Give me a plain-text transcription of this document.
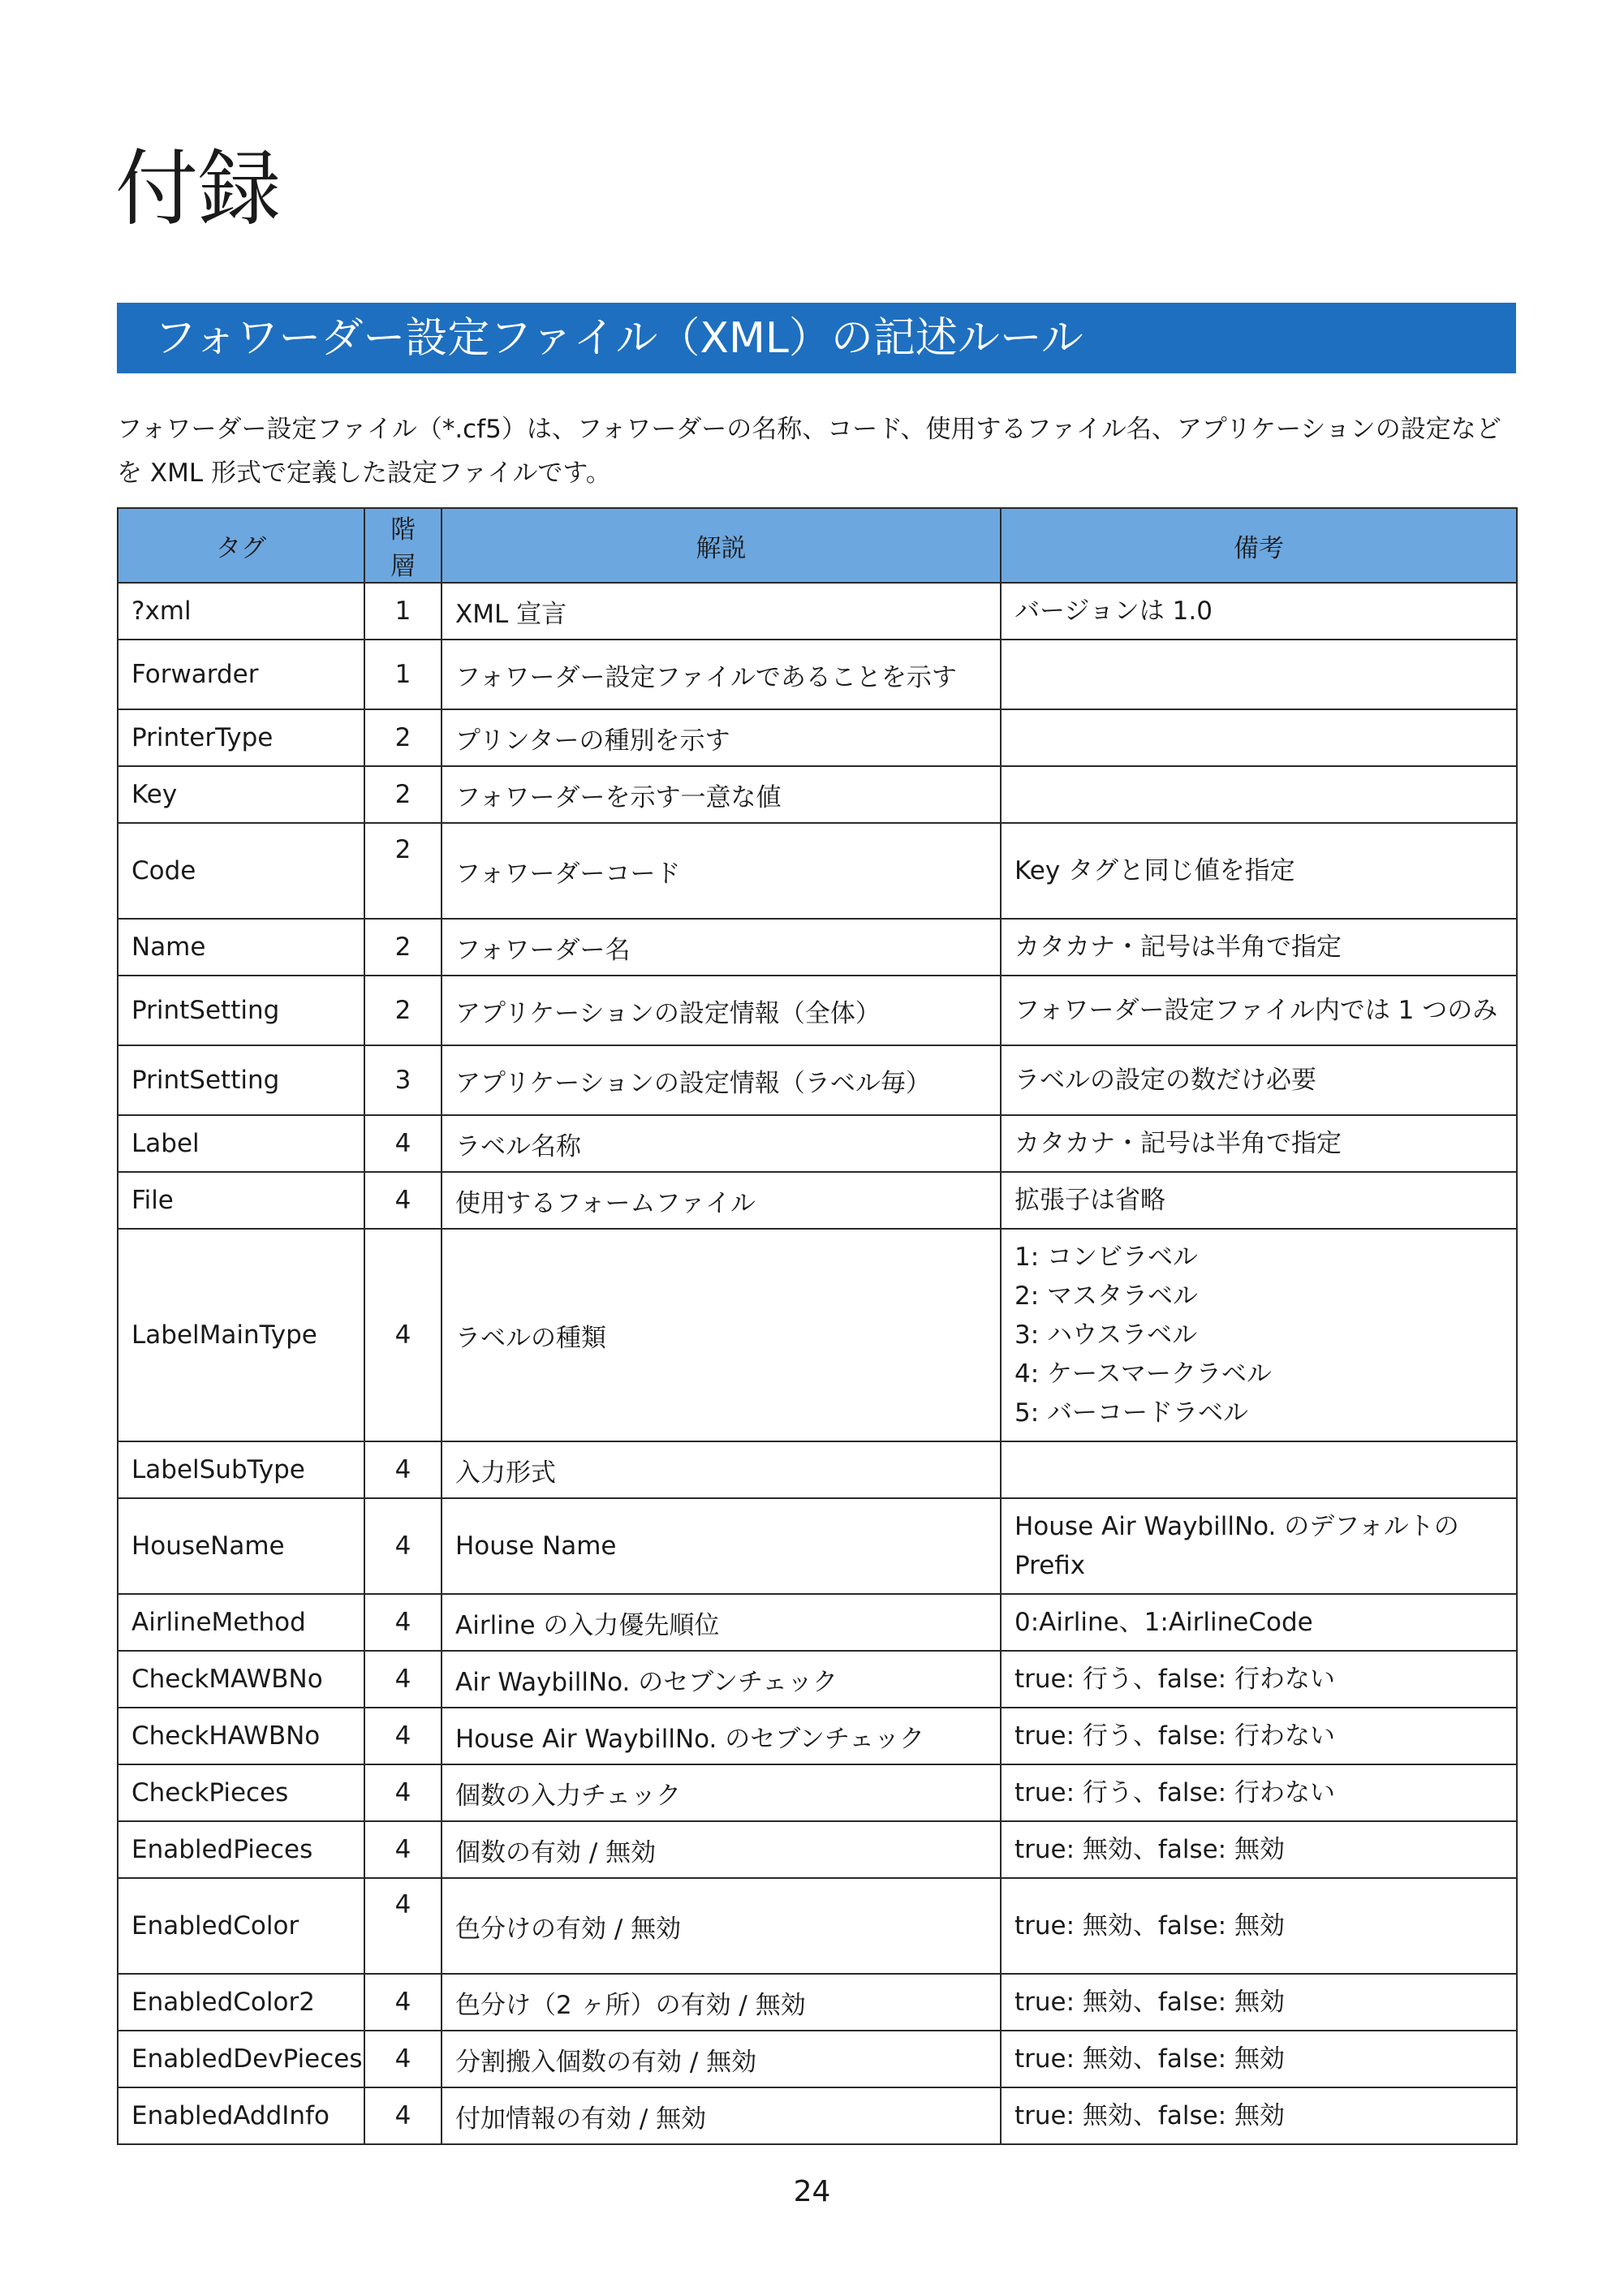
付録
フォワーダー設定ファイル（XML）の記述ルール

フォワーダー設定ファイル（*.cf5）は、フォワーダーの名称、コード、使用するファイル名、アプリケーションの設定などを XML 形式で定義した設定ファイルです。

タグ	階層	解説	備考
?xml	1	XML 宣言	バージョンは 1.0

Forwarder	1	フォワーダー設定ファイルであることを示す	

PrinterType	2	プリンターの種別を示す	

Key	2	フォワーダーを示す一意な値	

Code	2	フォワーダーコード	Key タグと同じ値を指定

Name	2	フォワーダー名	カタカナ・記号は半角で指定

PrintSetting	2	アプリケーションの設定情報（全体）	フォワーダー設定ファイル内では 1 つのみ

PrintSetting	3	アプリケーションの設定情報（ラベル毎）	ラベルの設定の数だけ必要

Label	4	ラベル名称	カタカナ・記号は半角で指定

File	4	使用するフォームファイル	拡張子は省略

LabelMainType	4	ラベルの種類	1: コンビラベル
2: マスタラベル
3: ハウスラベル
4: ケースマークラベル
5: バーコードラベル

LabelSubType	4	入力形式	

HouseName	4	House Name	House Air WaybillNo. のデフォルトの
Prefix

AirlineMethod	4	Airline の入力優先順位	0:Airline、1:AirlineCode

CheckMAWBNo	4	Air WaybillNo. のセブンチェック	true: 行う、false: 行わない

CheckHAWBNo	4	House Air WaybillNo. のセブンチェック	true: 行う、false: 行わない

CheckPieces	4	個数の入力チェック	true: 行う、false: 行わない

EnabledPieces	4	個数の有効 / 無効	true: 無効、false: 無効

EnabledColor	4	色分けの有効 / 無効	true: 無効、false: 無効

EnabledColor2	4	色分け（2 ヶ所）の有効 / 無効	true: 無効、false: 無効

EnabledDevPieces	4	分割搬入個数の有効 / 無効	true: 無効、false: 無効

EnabledAddInfo	4	付加情報の有効 / 無効	true: 無効、false: 無効
24
